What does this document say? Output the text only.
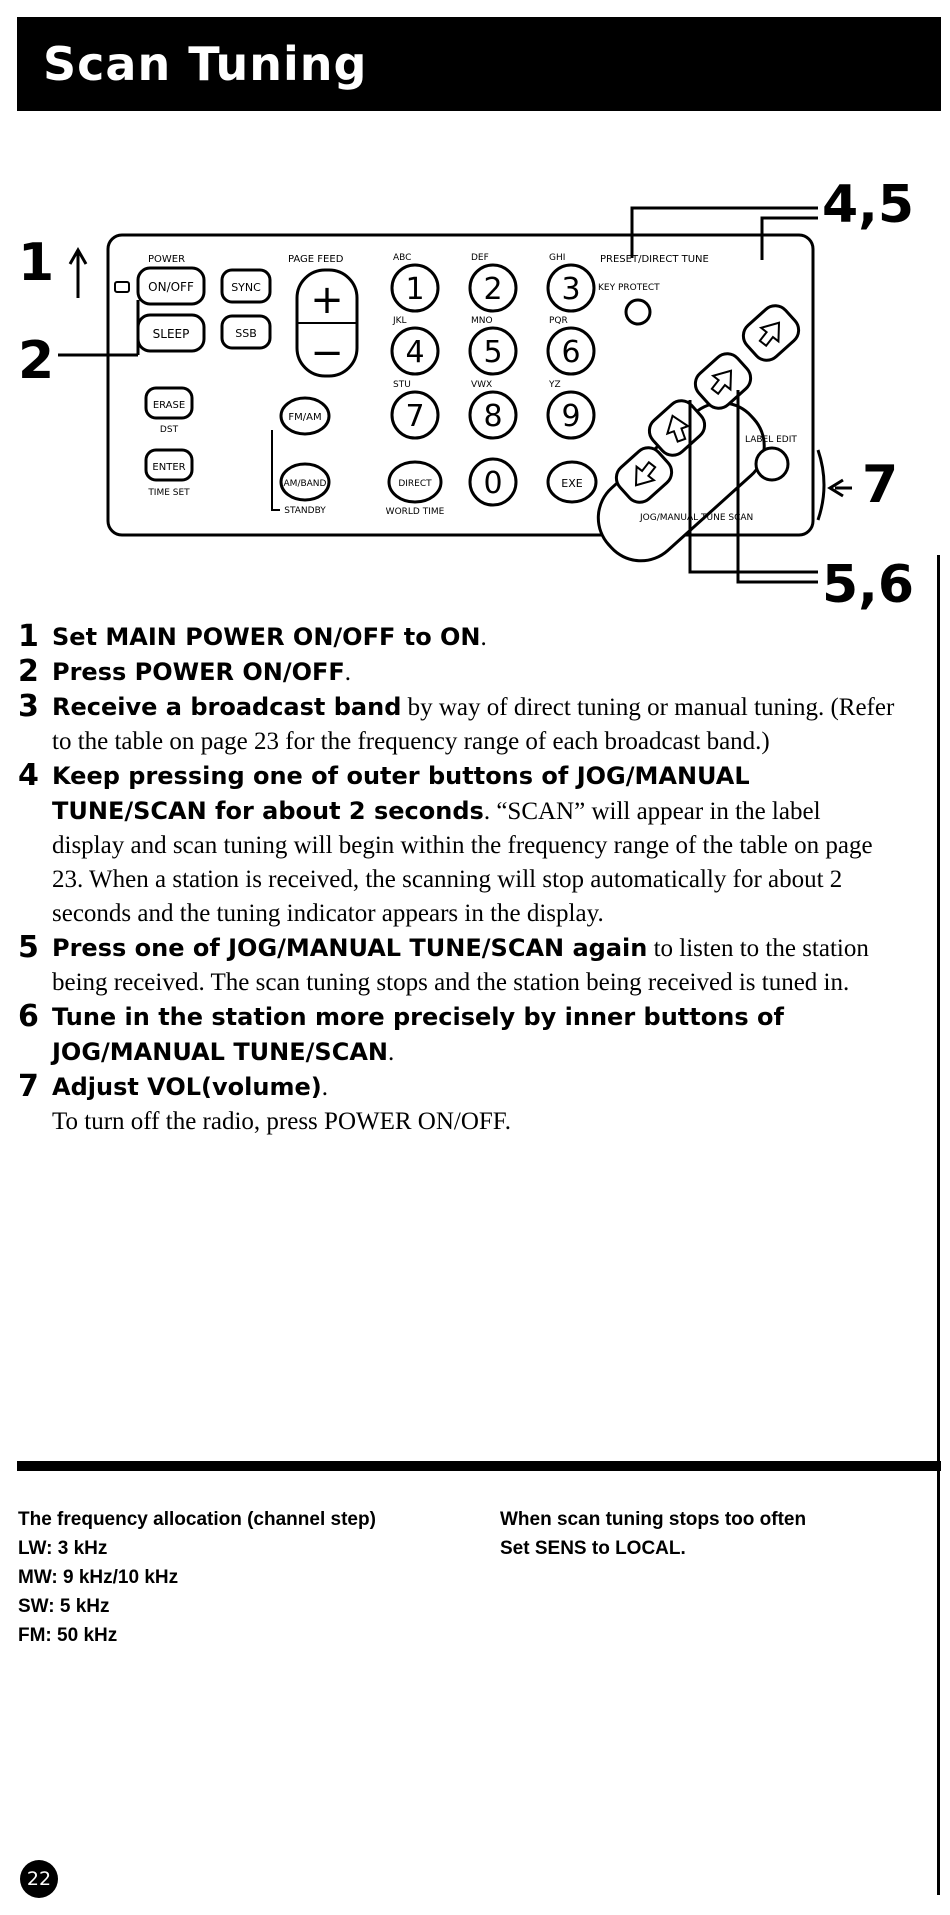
Scan Tuning
1
2
POWER
ON/OFF
SLEEP
SYNC
SSB
ERASE
DST
ENTER
TIME SET
PAGE FEED
+
−
FM/AM
AM/BAND
STANDBY
PRESET/DIRECT TUNE
1
ABC
2
DEF
3
GHI
4
JKL
5
MNO
6
PQR
7
STU
8
VWX
9
YZ
0
DIRECT
WORLD TIME
EXE
KEY PROTECT
JOG/MANUAL TUNE SCAN
LABEL EDIT
4,5
5,6
7
1 Set MAIN POWER ON/OFF to ON.
2 Press POWER ON/OFF.
3 Receive a broadcast band by way of direct tuning or manual tuning. (Refer to the table on page 23 for the frequency range of each broadcast band.)
4 Keep pressing one of outer buttons of JOG/MANUAL TUNE/SCAN for about 2 seconds. “SCAN” will appear in the label display and scan tuning will begin within the frequency range of the table on page 23. When a station is received, the scanning will stop automatically for about 2 seconds and the tuning indicator appears in the display.
5 Press one of JOG/MANUAL TUNE/SCAN again to listen to the station being received. The scan tuning stops and the station being received is tuned in.
6 Tune in the station more precisely by inner buttons of JOG/MANUAL TUNE/SCAN.
7 Adjust VOL(volume).
To turn off the radio, press POWER ON/OFF.
The frequency allocation (channel step)
LW: 3 kHz
MW: 9 kHz/10 kHz
SW: 5 kHz
FM: 50 kHz
When scan tuning stops too often
Set SENS to LOCAL.
22
